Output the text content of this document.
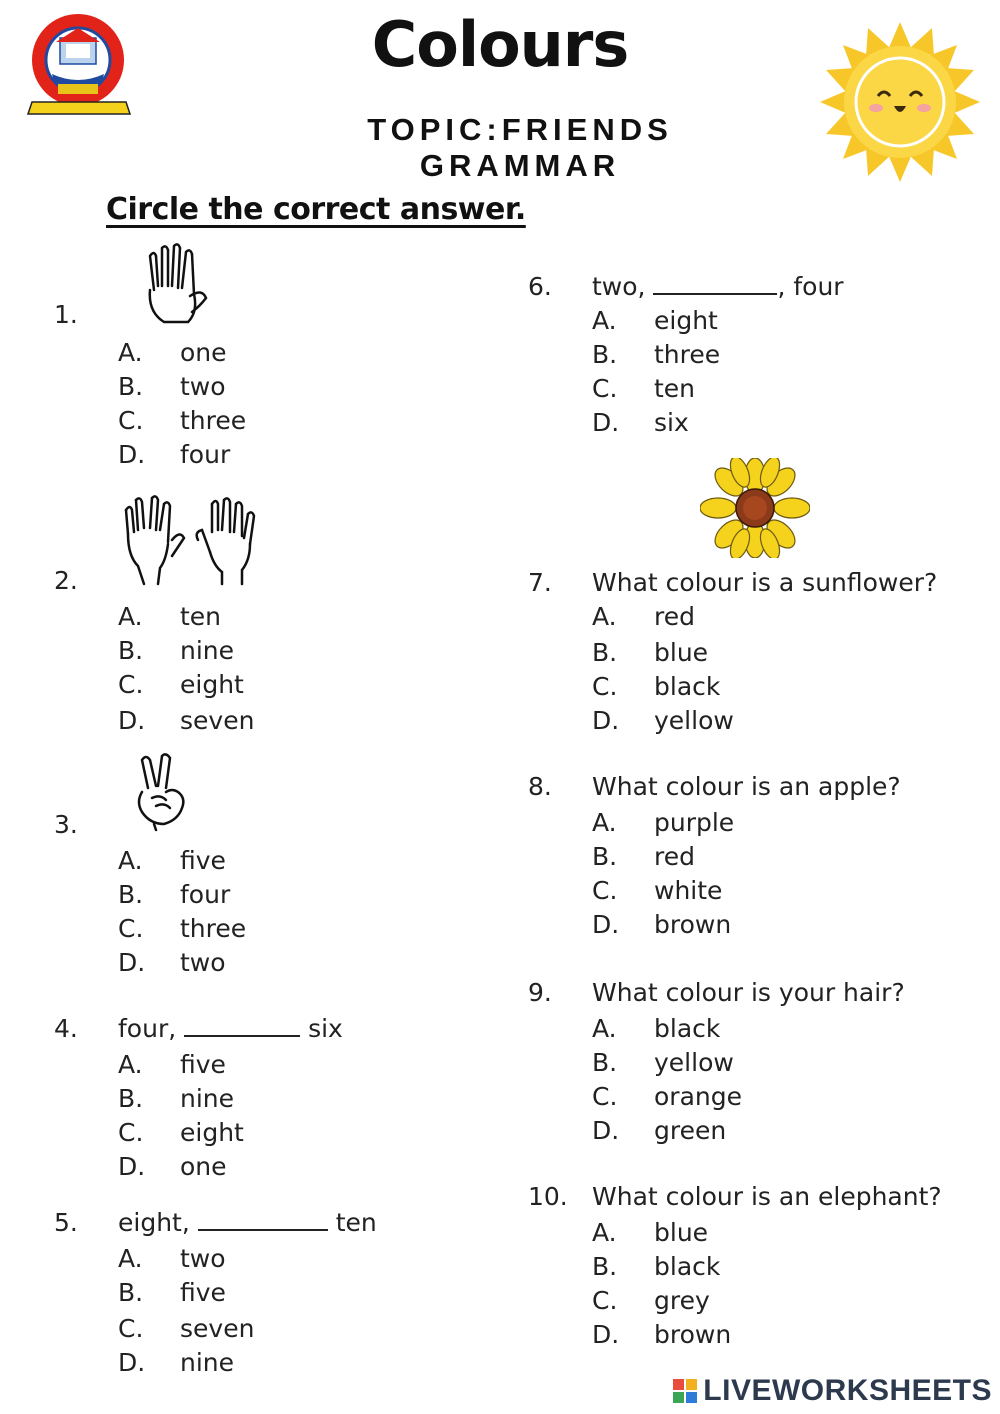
Colours
TOPIC:FRIENDS
GRAMMAR
Circle the correct answer.
1.
A. one
B. two
C. three
D. four
2.
A. ten
B. nine
C. eight
D. seven
3.
A. five
B. four
C. three
D. two
4. four,	six
A. five
B. nine
C. eight
D. one
5. eight,	ten
A. two
B. five
C. seven
D. nine
6. two,	, four
A. eight
B. three
C. ten
D. six
7. What colour is a sunflower?
A. red
B. blue
C. black
D. yellow
8. What colour is an apple?
A. purple
B. red
C. white
D. brown
9. What colour is your hair?
A. black
B. yellow
C. orange
D. green
10. What colour is an elephant?
A. blue
B. black
C. grey
D. brown
LIVEWORKSHEETS
